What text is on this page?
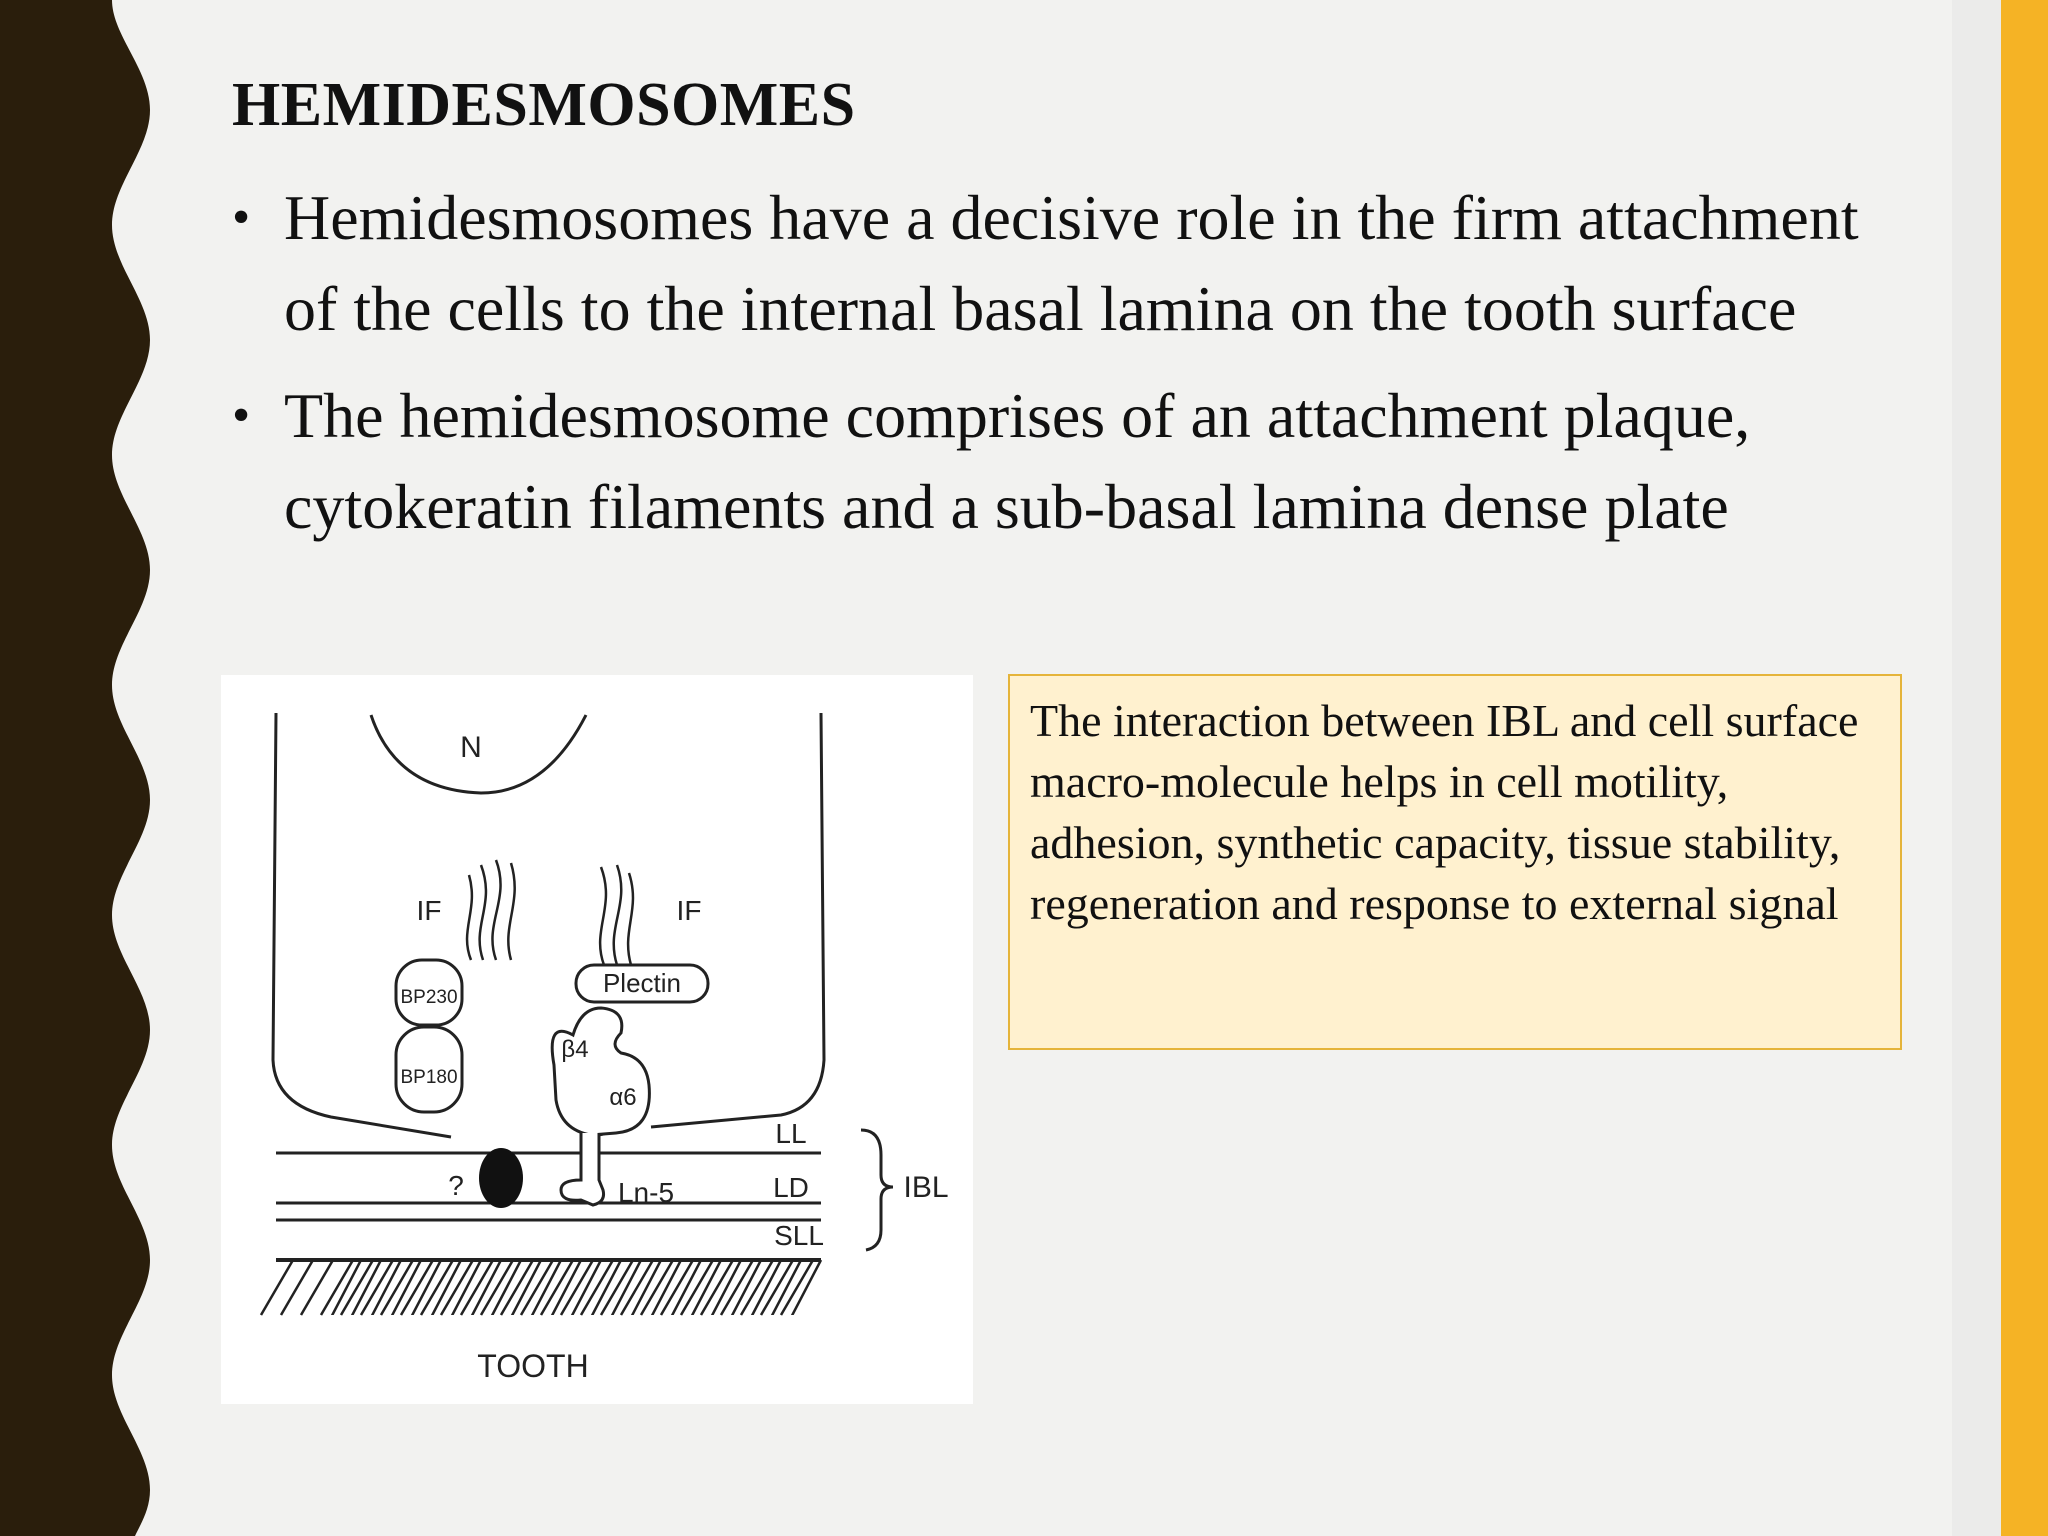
HEMIDESMOSOMES
• Hemidesmosomes have a decisive role in the firm attachment of the cells to the internal basal lamina on the tooth surface
• The hemidesmosome comprises of an attachment plaque, cytokeratin filaments and a sub-basal lamina dense plate
N
IF	IF
BP230
BP180
Plectin
β4
α6
?	Ln-5
LL
LD
SLL
IBL
TOOTH
The interaction between IBL and cell surface macro-molecule helps in cell motility, adhesion, synthetic capacity, tissue stability, regeneration and response to external signal
